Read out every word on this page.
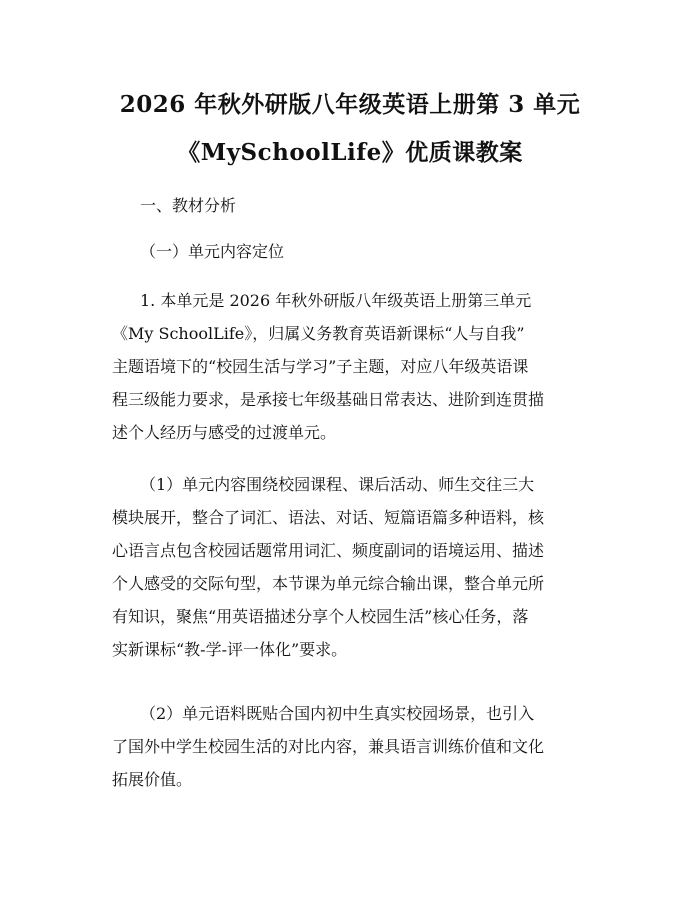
2026 年秋外研版八年级英语上册第 3 单元
《MySchoolLife》优质课教案
一、教材分析
（一）单元内容定位
1. 本单元是 2026 年秋外研版八年级英语上册第三单元
《My SchoolLife》，归属义务教育英语新课标“人与自我”
主题语境下的“校园生活与学习”子主题，对应八年级英语课
程三级能力要求，是承接七年级基础日常表达、进阶到连贯描
述个人经历与感受的过渡单元。
（1）单元内容围绕校园课程、课后活动、师生交往三大
模块展开，整合了词汇、语法、对话、短篇语篇多种语料，核
心语言点包含校园话题常用词汇、频度副词的语境运用、描述
个人感受的交际句型，本节课为单元综合输出课，整合单元所
有知识，聚焦“用英语描述分享个人校园生活”核心任务，落
实新课标“教-学-评一体化”要求。
（2）单元语料既贴合国内初中生真实校园场景，也引入
了国外中学生校园生活的对比内容，兼具语言训练价值和文化
拓展价值。
